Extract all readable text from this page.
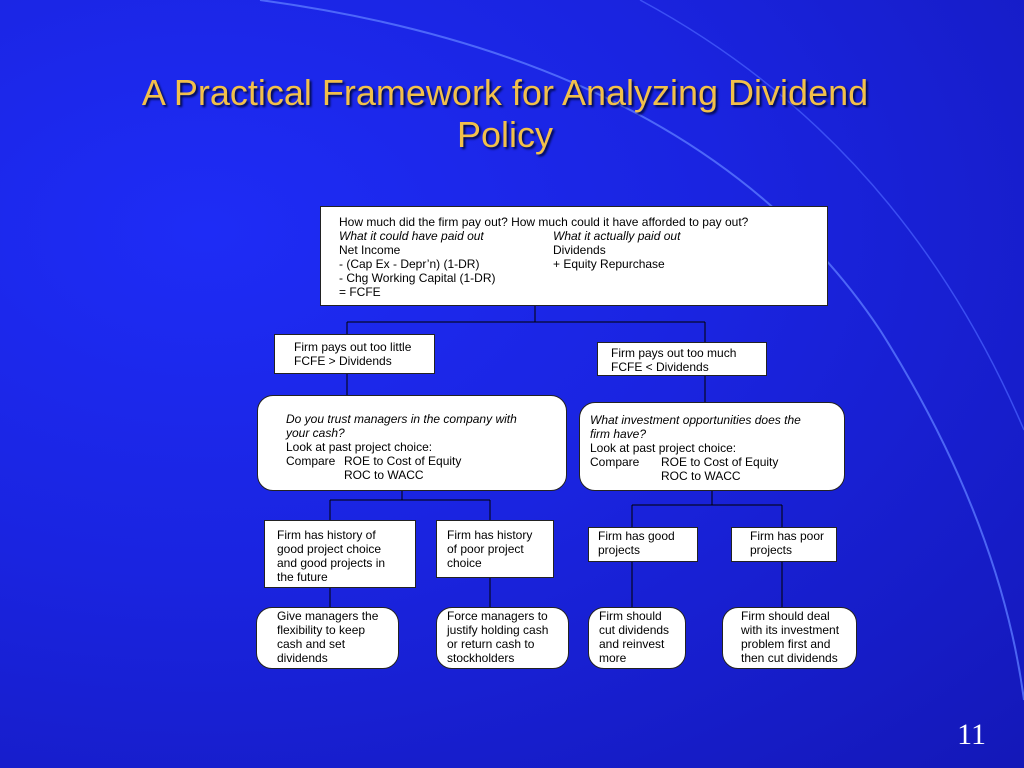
A Practical Framework for Analyzing Dividend
Policy
How much did the firm pay out? How much could it have afforded to pay out?
What it could have paid out
Net Income
- (Cap Ex - Depr’n) (1-DR)
- Chg Working Capital (1-DR)
= FCFE
What it actually paid out
Dividends
+ Equity Repurchase
Firm pays out too little
FCFE > Dividends
Firm pays out too much
FCFE < Dividends
Do you trust managers in the company with
your cash?
Look at past project choice:
Compare ROE to Cost of Equity
ROC to WACC
What investment opportunities does the
firm have?
Look at past project choice:
Compare	ROE to Cost of Equity
ROC to WACC
Firm has history of
good project choice
and good projects in
the future
Firm has history
of poor project
choice
Firm has good
projects
Firm has poor
projects
Give managers the
flexibility to keep
cash and set
dividends
Force managers to
justify holding cash
or return cash to
stockholders
Firm should
cut dividends
and reinvest
more
Firm should deal
with its investment
problem first and
then cut dividends
11
